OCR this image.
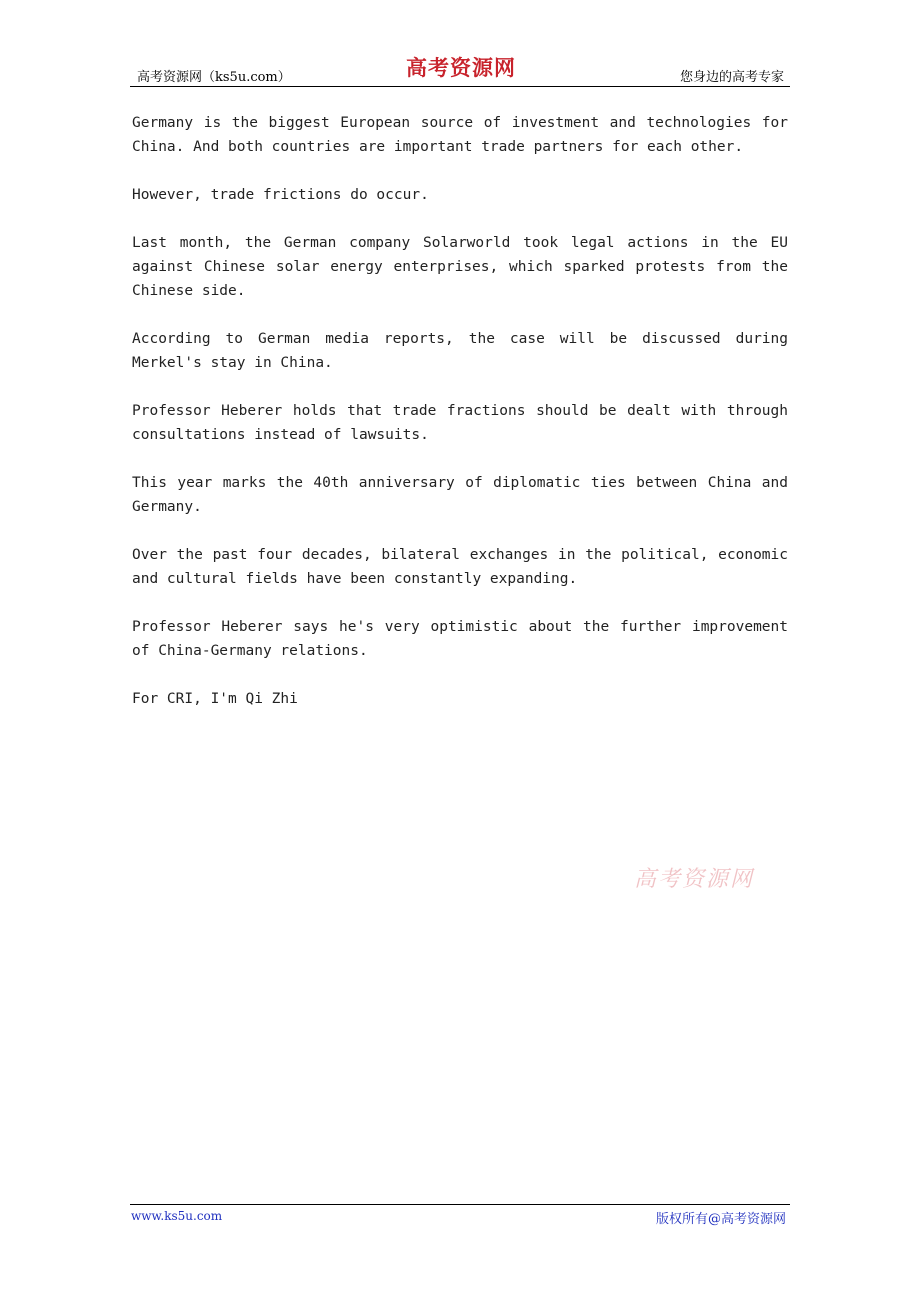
高考资源网（ks5u.com）	高考资源网	您身边的高考专家

Germany is the biggest European source of investment and technologies for China. And both countries are important trade partners for each other.

However, trade frictions do occur.

Last month, the German company Solarworld took legal actions in the EU against Chinese solar energy enterprises, which sparked protests from the Chinese side.

According to German media reports, the case will be discussed during Merkel's stay in China.

Professor Heberer holds that trade fractions should be dealt with through consultations instead of lawsuits.

This year marks the 40th anniversary of diplomatic ties between China and Germany.

Over the past four decades, bilateral exchanges in the political, economic and cultural fields have been constantly expanding.

Professor Heberer says he's very optimistic about the further improvement of China-Germany relations.

For CRI, I'm Qi Zhi

高考资源网
www.ks5u.com	版权所有@高考资源网
